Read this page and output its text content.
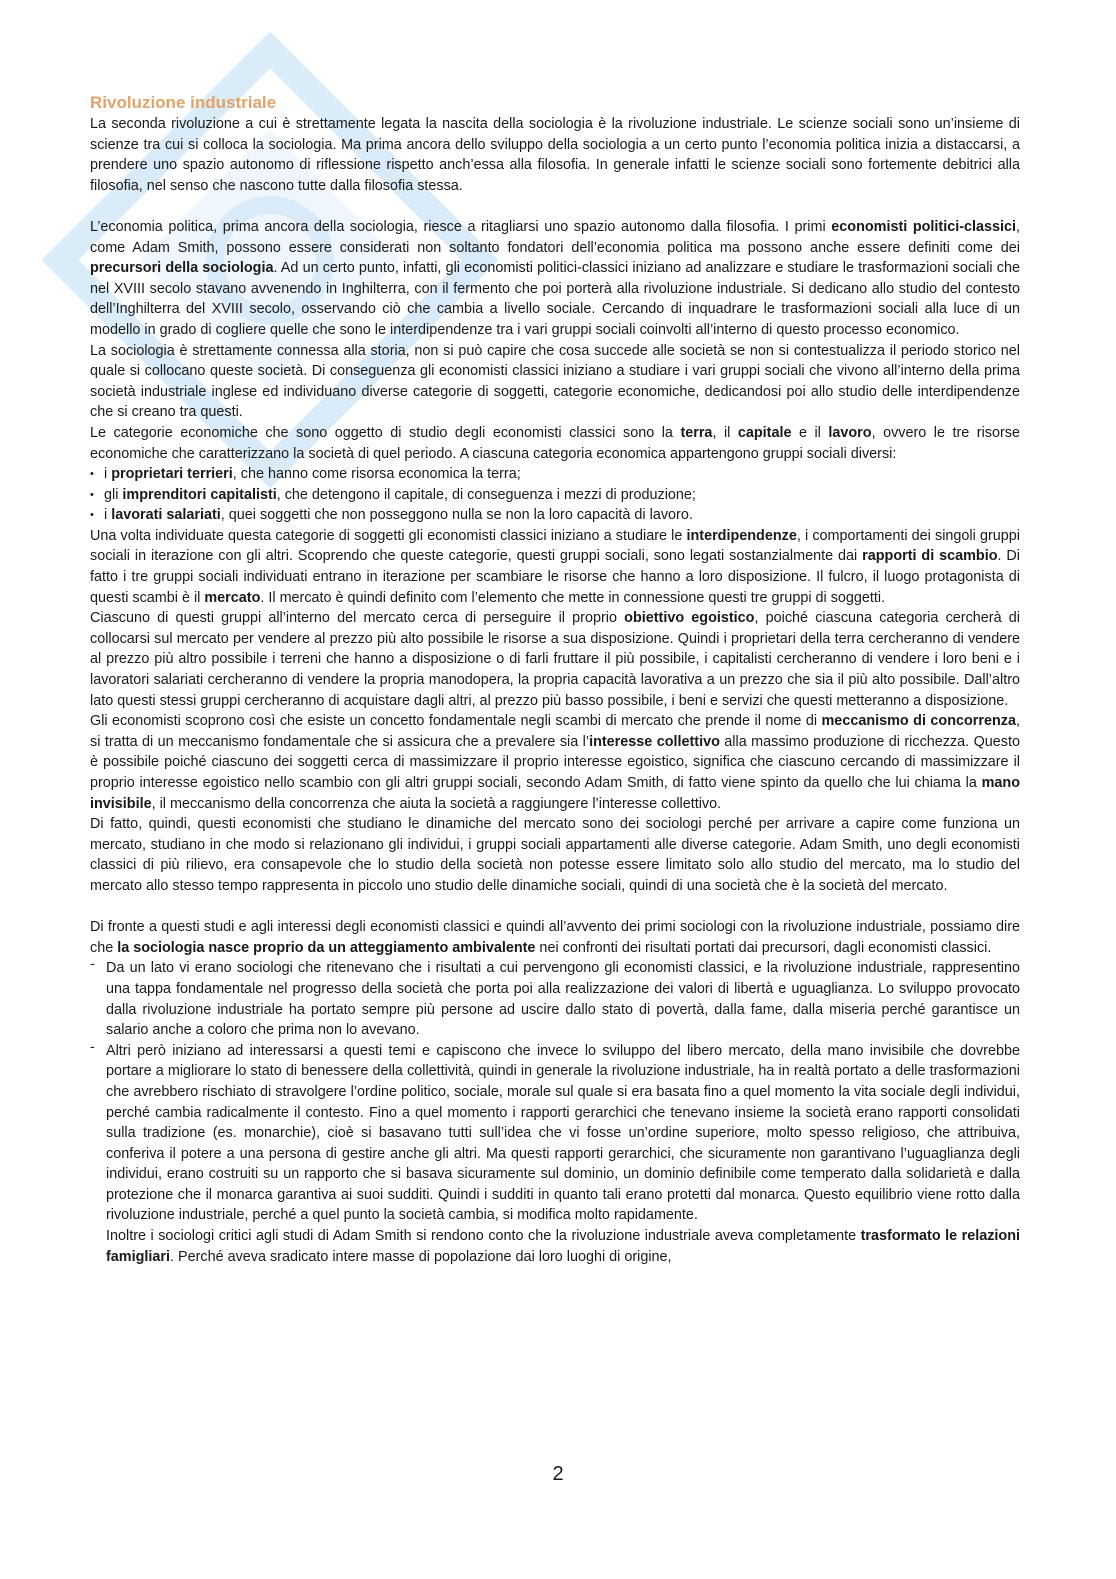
Rivoluzione industriale

La seconda rivoluzione a cui è strettamente legata la nascita della sociologia è la rivoluzione industriale. Le scienze sociali sono un’insieme di scienze tra cui si colloca la sociologia. Ma prima ancora dello sviluppo della sociologia a un certo punto l’economia politica inizia a distaccarsi, a prendere uno spazio autonomo di riflessione rispetto anch’essa alla filosofia. In generale infatti le scienze sociali sono fortemente debitrici alla filosofia, nel senso che nascono tutte dalla filosofia stessa.

L’economia politica, prima ancora della sociologia, riesce a ritagliarsi uno spazio autonomo dalla filosofia. I primi economisti politici-classici, come Adam Smith, possono essere considerati non soltanto fondatori dell’economia politica ma possono anche essere definiti come dei precursori della sociologia. Ad un certo punto, infatti, gli economisti politici-classici iniziano ad analizzare e studiare le trasformazioni sociali che nel XVIII secolo stavano avvenendo in Inghilterra, con il fermento che poi porterà alla rivoluzione industriale. Si dedicano allo studio del contesto dell’Inghilterra del XVIII secolo, osservando ciò che cambia a livello sociale. Cercando di inquadrare le trasformazioni sociali alla luce di un modello in grado di cogliere quelle che sono le interdipendenze tra i vari gruppi sociali coinvolti all’interno di questo processo economico.

La sociologia è strettamente connessa alla storia, non si può capire che cosa succede alle società se non si contestualizza il periodo storico nel quale si collocano queste società. Di conseguenza gli economisti classici iniziano a studiare i vari gruppi sociali che vivono all’interno della prima società industriale inglese ed individuano diverse categorie di soggetti, categorie economiche, dedicandosi poi allo studio delle interdipendenze che si creano tra questi.

Le categorie economiche che sono oggetto di studio degli economisti classici sono la terra, il capitale e il lavoro, ovvero le tre risorse economiche che caratterizzano la società di quel periodo. A ciascuna categoria economica appartengono gruppi sociali diversi:

• i proprietari terrieri, che hanno come risorsa economica la terra;
• gli imprenditori capitalisti, che detengono il capitale, di conseguenza i mezzi di produzione;
• i lavorati salariati, quei soggetti che non posseggono nulla se non la loro capacità di lavoro.

Una volta individuate questa categorie di soggetti gli economisti classici iniziano a studiare le interdipendenze, i comportamenti dei singoli gruppi sociali in iterazione con gli altri. Scoprendo che queste categorie, questi gruppi sociali, sono legati sostanzialmente dai rapporti di scambio. Di fatto i tre gruppi sociali individuati entrano in iterazione per scambiare le risorse che hanno a loro disposizione. Il fulcro, il luogo protagonista di questi scambi è il mercato. Il mercato è quindi definito com l’elemento che mette in connessione questi tre gruppi di soggetti.

Ciascuno di questi gruppi all’interno del mercato cerca di perseguire il proprio obiettivo egoistico, poiché ciascuna categoria cercherà di collocarsi sul mercato per vendere al prezzo più alto possibile le risorse a sua disposizione. Quindi i proprietari della terra cercheranno di vendere al prezzo più altro possibile i terreni che hanno a disposizione o di farli fruttare il più possibile, i capitalisti cercheranno di vendere i loro beni e i lavoratori salariati cercheranno di vendere la propria manodopera, la propria capacità lavorativa a un prezzo che sia il più alto possibile. Dall’altro lato questi stessi gruppi cercheranno di acquistare dagli altri, al prezzo più basso possibile, i beni e servizi che questi metteranno a disposizione.

Gli economisti scoprono così che esiste un concetto fondamentale negli scambi di mercato che prende il nome di meccanismo di concorrenza, si tratta di un meccanismo fondamentale che si assicura che a prevalere sia l’interesse collettivo alla massimo produzione di ricchezza. Questo è possibile poiché ciascuno dei soggetti cerca di massimizzare il proprio interesse egoistico, significa che ciascuno cercando di massimizzare il proprio interesse egoistico nello scambio con gli altri gruppi sociali, secondo Adam Smith, di fatto viene spinto da quello che lui chiama la mano invisibile, il meccanismo della concorrenza che aiuta la società a raggiungere l’interesse collettivo.

Di fatto, quindi, questi economisti che studiano le dinamiche del mercato sono dei sociologi perché per arrivare a capire come funziona un mercato, studiano in che modo si relazionano gli individui, i gruppi sociali appartamenti alle diverse categorie. Adam Smith, uno degli economisti classici di più rilievo, era consapevole che lo studio della società non potesse essere limitato solo allo studio del mercato, ma lo studio del mercato allo stesso tempo rappresenta in piccolo uno studio delle dinamiche sociali, quindi di una società che è la società del mercato.

Di fronte a questi studi e agli interessi degli economisti classici e quindi all’avvento dei primi sociologi con la rivoluzione industriale, possiamo dire che la sociologia nasce proprio da un atteggiamento ambivalente nei confronti dei risultati portati dai precursori, dagli economisti classici.

- Da un lato vi erano sociologi che ritenevano che i risultati a cui pervengono gli economisti classici, e la rivoluzione industriale, rappresentino una tappa fondamentale nel progresso della società che porta poi alla realizzazione dei valori di libertà e uguaglianza. Lo sviluppo provocato dalla rivoluzione industriale ha portato sempre più persone ad uscire dallo stato di povertà, dalla fame, dalla miseria perché garantisce un salario anche a coloro che prima non lo avevano.
- Altri però iniziano ad interessarsi a questi temi e capiscono che invece lo sviluppo del libero mercato, della mano invisibile che dovrebbe portare a migliorare lo stato di benessere della collettività, quindi in generale la rivoluzione industriale, ha in realtà portato a delle trasformazioni che avrebbero rischiato di stravolgere l’ordine politico, sociale, morale sul quale si era basata fino a quel momento la vita sociale degli individui, perché cambia radicalmente il contesto. Fino a quel momento i rapporti gerarchici che tenevano insieme la società erano rapporti consolidati sulla tradizione (es. monarchie), cioè si basavano tutti sull’idea che vi fosse un’ordine superiore, molto spesso religioso, che attribuiva, conferiva il potere a una persona di gestire anche gli altri. Ma questi rapporti gerarchici, che sicuramente non garantivano l’uguaglianza degli individui, erano costruiti su un rapporto che si basava sicuramente sul dominio, un dominio definibile come temperato dalla solidarietà e dalla protezione che il monarca garantiva ai suoi sudditi. Quindi i sudditi in quanto tali erano protetti dal monarca. Questo equilibrio viene rotto dalla rivoluzione industriale, perché a quel punto la società cambia, si modifica molto rapidamente.

Inoltre i sociologi critici agli studi di Adam Smith si rendono conto che la rivoluzione industriale aveva completamente trasformato le relazioni famigliari. Perché aveva sradicato intere masse di popolazione dai loro luoghi di origine,

2
